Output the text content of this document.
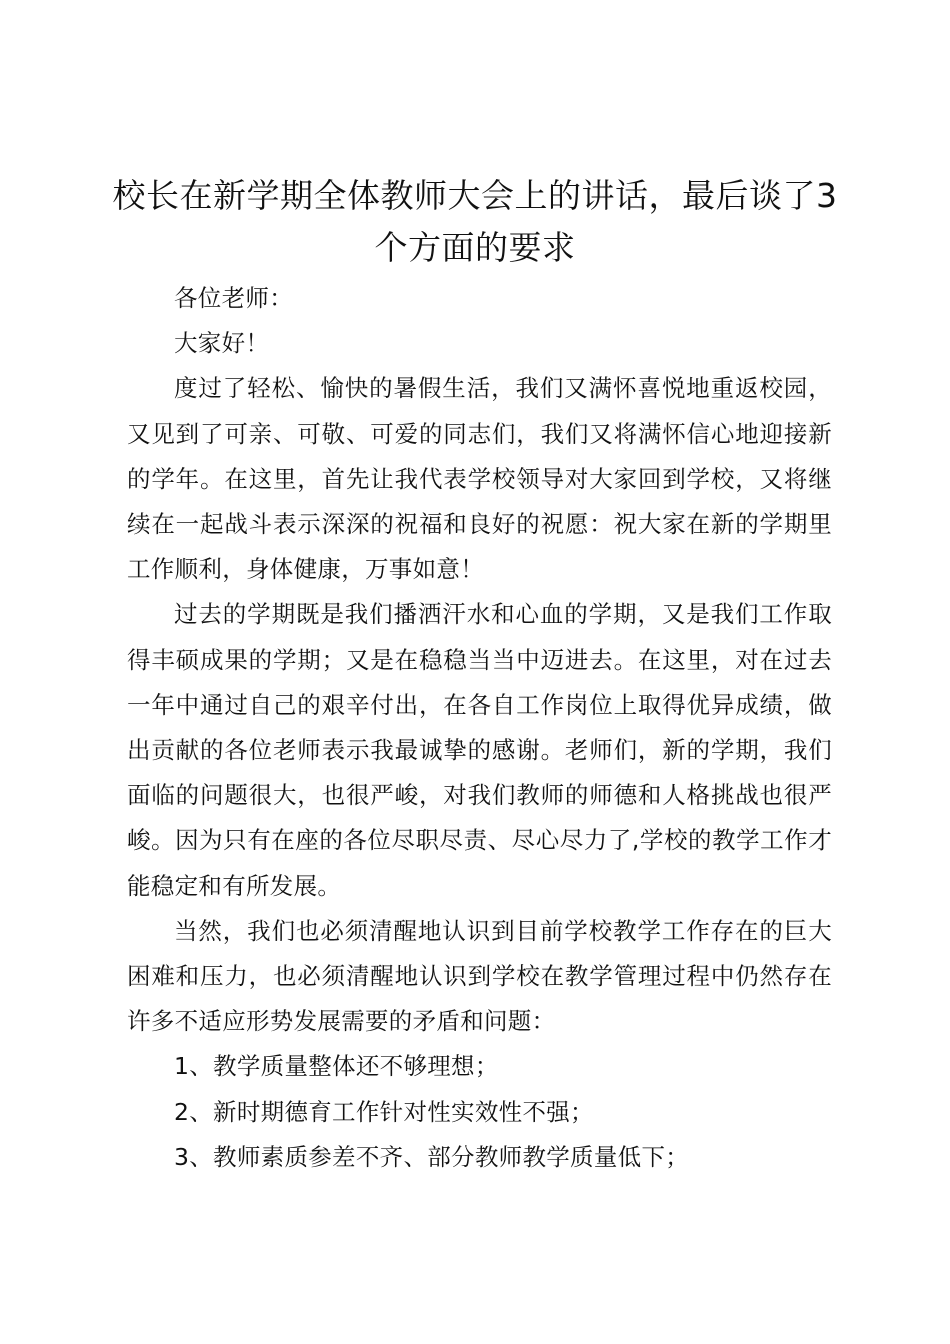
校长在新学期全体教师大会上的讲话，最后谈了3个方面的要求

各位老师：

大家好！

度过了轻松、愉快的暑假生活，我们又满怀喜悦地重返校园，又见到了可亲、可敬、可爱的同志们，我们又将满怀信心地迎接新的学年。在这里，首先让我代表学校领导对大家回到学校，又将继续在一起战斗表示深深的祝福和良好的祝愿：祝大家在新的学期里工作顺利，身体健康，万事如意！

过去的学期既是我们播洒汗水和心血的学期，又是我们工作取得丰硕成果的学期；又是在稳稳当当中迈进去。在这里，对在过去一年中通过自己的艰辛付出，在各自工作岗位上取得优异成绩，做出贡献的各位老师表示我最诚挚的感谢。老师们，新的学期，我们面临的问题很大，也很严峻，对我们教师的师德和人格挑战也很严峻。因为只有在座的各位尽职尽责、尽心尽力了,学校的教学工作才能稳定和有所发展。

当然，我们也必须清醒地认识到目前学校教学工作存在的巨大困难和压力，也必须清醒地认识到学校在教学管理过程中仍然存在许多不适应形势发展需要的矛盾和问题：

1、教学质量整体还不够理想；

2、新时期德育工作针对性实效性不强；

3、教师素质参差不齐、部分教师教学质量低下；
